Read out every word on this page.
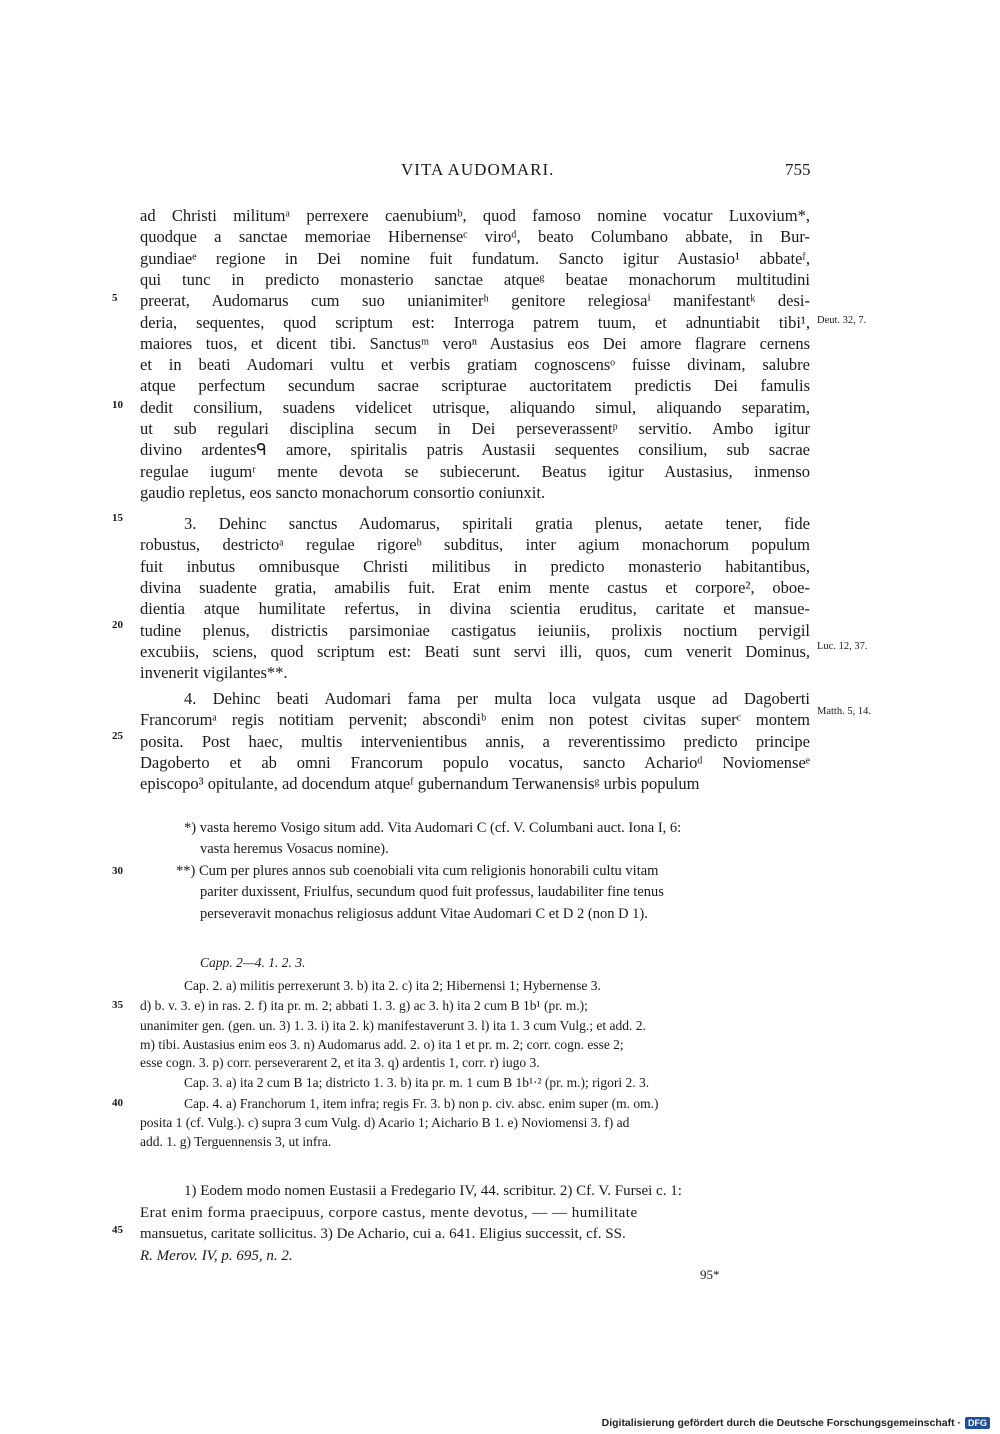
VITA AUDOMARI.	755
ad Christi militumᵃ perrexere caenubiumᵇ, quod famoso nomine vocatur Luxovium*,
quodque a sanctae memoriae Hibernenseᶜ viroᵈ, beato Columbano abbate, in Bur-
gundiaeᵉ regione in Dei nomine fuit fundatum. Sancto igitur Austasio¹ abbateᶠ,
qui tunc in predicto monasterio sanctae atqueᵍ beatae monachorum multitudini
preerat, Audomarus cum suo unianimiterʰ genitore relegiosaⁱ manifestantᵏ desi-
deria, sequentes, quod scriptum est: Interroga patrem tuum, et adnuntiabit tibi¹,
maiores tuos, et dicent tibi. Sanctusᵐ veroⁿ Austasius eos Dei amore flagrare cernens
et in beati Audomari vultu et verbis gratiam cognoscensᵒ fuisse divinam, salubre
atque perfectum secundum sacrae scripturae auctoritatem predictis Dei famulis
dedit consilium, suadens videlicet utrisque, aliquando simul, aliquando separatim,
ut sub regulari disciplina secum in Dei perseverassentᵖ servitio. Ambo igitur
divino ardentesᑫ amore, spiritalis patris Austasii sequentes consilium, sub sacrae
regulae iugumʳ mente devota se subiecerunt. Beatus igitur Austasius, inmenso
gaudio repletus, eos sancto monachorum consortio coniunxit.
3. Dehinc sanctus Audomarus, spiritali gratia plenus, aetate tener, fide
robustus, destrictoᵃ regulae rigoreᵇ subditus, inter agium monachorum populum
fuit inbutus omnibusque Christi militibus in predicto monasterio habitantibus,
divina suadente gratia, amabilis fuit. Erat enim mente castus et corpore², oboe-
dientia atque humilitate refertus, in divina scientia eruditus, caritate et mansue-
tudine plenus, districtis parsimoniae castigatus ieiuniis, prolixis noctium pervigil
excubiis, sciens, quod scriptum est: Beati sunt servi illi, quos, cum venerit Dominus,
invenerit vigilantes**.
4. Dehinc beati Audomari fama per multa loca vulgata usque ad Dagoberti
Francorumᵃ regis notitiam pervenit; abscondiᵇ enim non potest civitas superᶜ montem
posita. Post haec, multis intervenientibus annis, a reverentissimo predicto principe
Dagoberto et ab omni Francorum populo vocatus, sancto Acharioᵈ Noviomenseᵉ
episcopo³ opitulante, ad docendum atqueᶠ gubernandum Terwanensisᵍ urbis populum
5
10
15
20
25
30
35
40
45
Deut. 32, 7.
Luc. 12, 37.
Matth. 5, 14.
*) vasta heremo Vosigo situm add. Vita Audomari C (cf. V. Columbani auct. Iona I, 6:
vasta heremus Vosacus nomine).
**) Cum per plures annos sub coenobiali vita cum religionis honorabili cultu vitam
pariter duxissent, Friulfus, secundum quod fuit professus, laudabiliter fine tenus
perseveravit monachus religiosus addunt Vitae Audomari C et D 2 (non D 1).
Capp. 2—4. 1. 2. 3.
Cap. 2. a) militis perrexerunt 3. b) ita 2. c) ita 2; Hibernensi 1; Hybernense 3.
d) b. v. 3. e) in ras. 2. f) ita pr. m. 2; abbati 1. 3. g) ac 3. h) ita 2 cum B 1b¹ (pr. m.);
unanimiter gen. (gen. un. 3) 1. 3. i) ita 2. k) manifestaverunt 3. l) ita 1. 3 cum Vulg.; et add. 2.
m) tibi. Austasius enim eos 3. n) Audomarus add. 2. o) ita 1 et pr. m. 2; corr. cogn. esse 2;
esse cogn. 3. p) corr. perseverarent 2, et ita 3. q) ardentis 1, corr. r) iugo 3.
Cap. 3. a) ita 2 cum B 1a; districto 1. 3. b) ita pr. m. 1 cum B 1b¹·² (pr. m.); rigori 2. 3.
Cap. 4. a) Franchorum 1, item infra; regis Fr. 3. b) non p. civ. absc. enim super (m. om.)
posita 1 (cf. Vulg.). c) supra 3 cum Vulg. d) Acario 1; Aichario B 1. e) Noviomensi 3. f) ad
add. 1. g) Terguennensis 3, ut infra.
1) Eodem modo nomen Eustasii a Fredegario IV, 44. scribitur. 2) Cf. V. Fursei c. 1:
Erat enim forma praecipuus, corpore castus, mente devotus, — — humilitate
mansuetus, caritate sollicitus. 3) De Achario, cui a. 641. Eligius successit, cf. SS.
R. Merov. IV, p. 695, n. 2.
95*
Digitalisierung gefördert durch die Deutsche Forschungsgemeinschaft · DFG
